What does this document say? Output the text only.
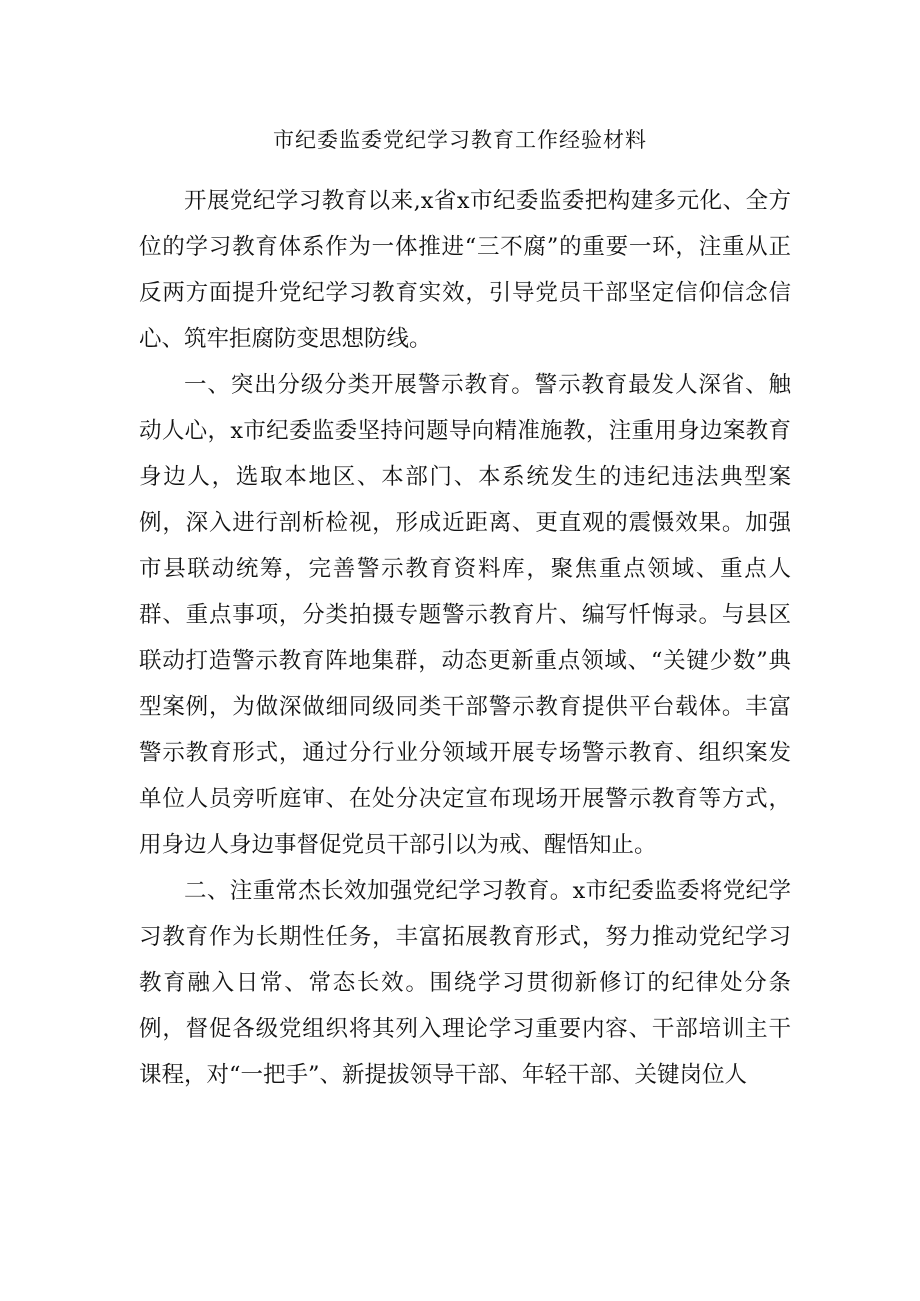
市纪委监委党纪学习教育工作经验材料

开展党纪学习教育以来,x省x市纪委监委把构建多元化、全方位的学习教育体系作为一体推进“三不腐”的重要一环，注重从正反两方面提升党纪学习教育实效，引导党员干部坚定信仰信念信心、筑牢拒腐防变思想防线。

一、突出分级分类开展警示教育。警示教育最发人深省、触动人心，x市纪委监委坚持问题导向精准施教，注重用身边案教育身边人，选取本地区、本部门、本系统发生的违纪违法典型案例，深入进行剖析检视，形成近距离、更直观的震慑效果。加强市县联动统筹，完善警示教育资料库，聚焦重点领域、重点人群、重点事项，分类拍摄专题警示教育片、编写忏悔录。与县区联动打造警示教育阵地集群，动态更新重点领域、“关键少数”典型案例，为做深做细同级同类干部警示教育提供平台载体。丰富警示教育形式，通过分行业分领域开展专场警示教育、组织案发单位人员旁听庭审、在处分决定宣布现场开展警示教育等方式，用身边人身边事督促党员干部引以为戒、醒悟知止。

二、注重常杰长效加强党纪学习教育。x市纪委监委将党纪学习教育作为长期性任务，丰富拓展教育形式，努力推动党纪学习教育融入日常、常态长效。围绕学习贯彻新修订的纪律处分条例，督促各级党组织将其列入理论学习重要内容、干部培训主干课程，对“一把手”、新提拔领导干部、年轻干部、关键岗位人
